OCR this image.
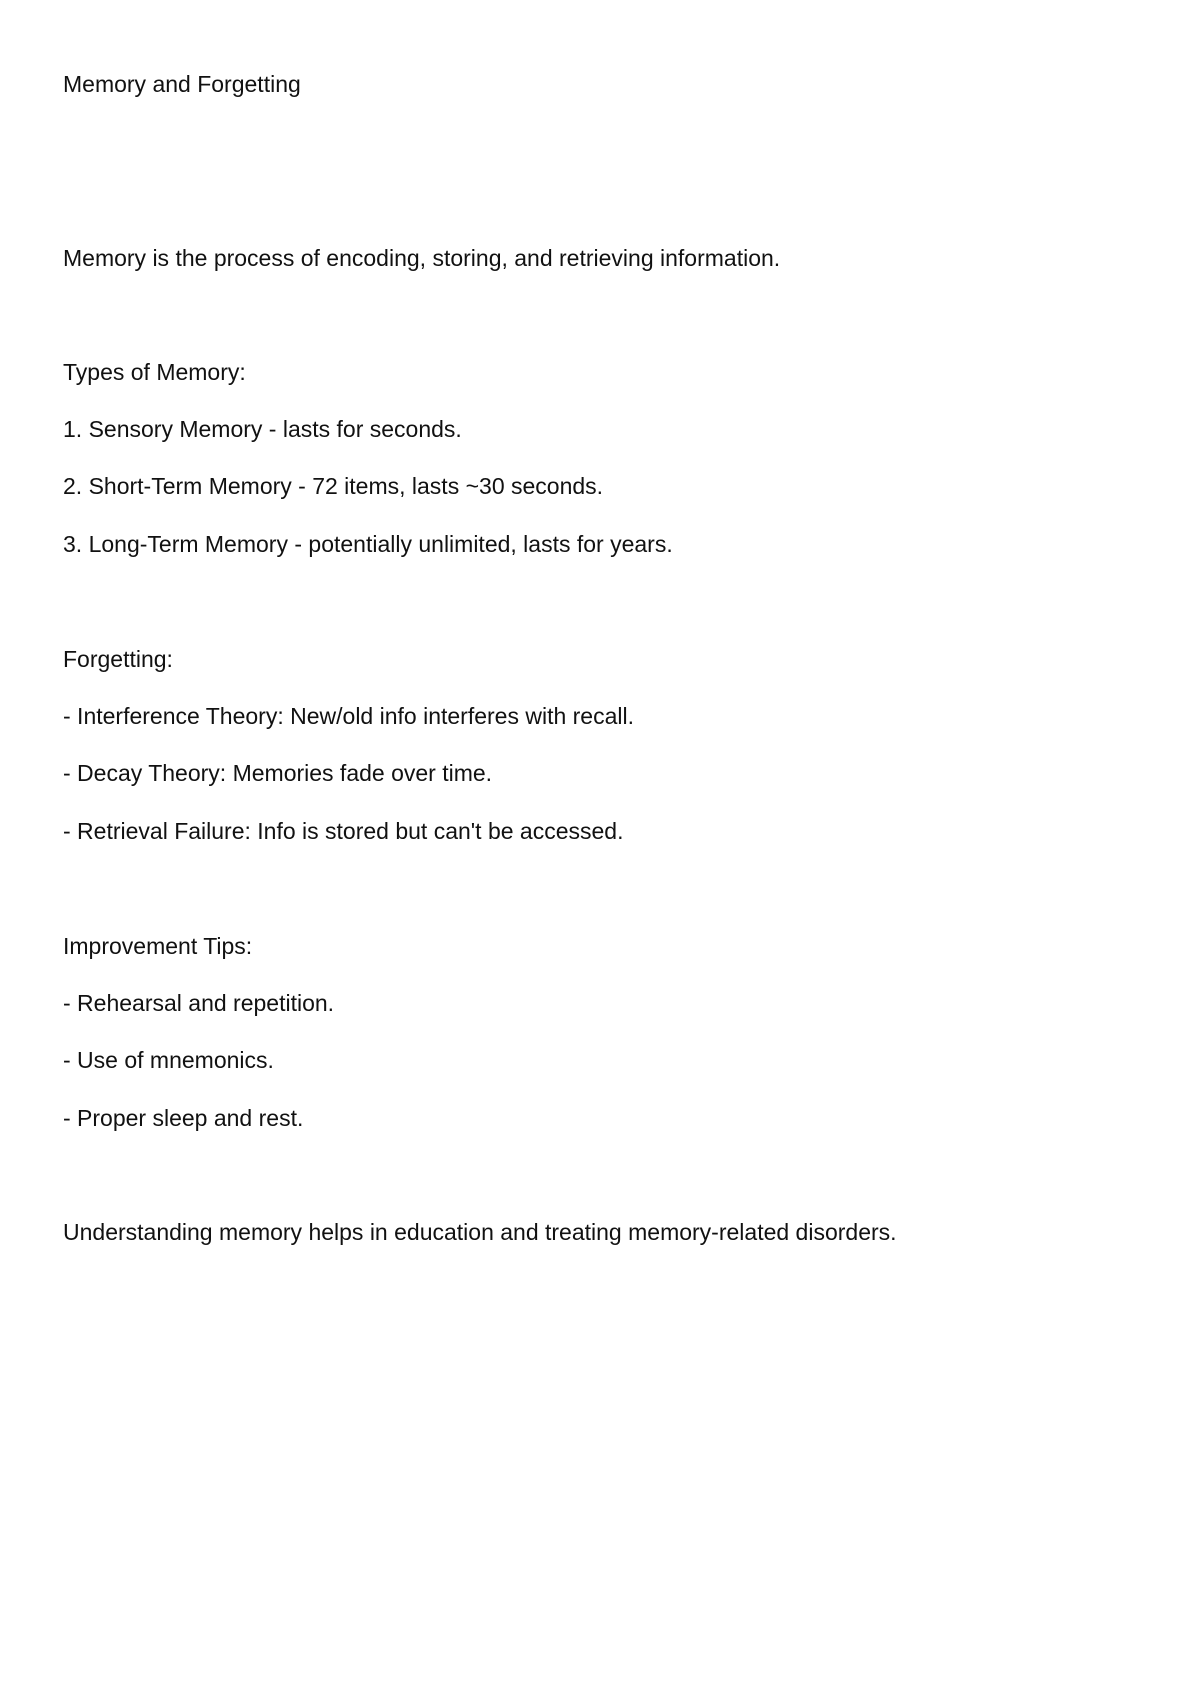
Memory and Forgetting
Memory is the process of encoding, storing, and retrieving information.
Types of Memory:
1. Sensory Memory - lasts for seconds.
2. Short-Term Memory - 72 items, lasts ~30 seconds.
3. Long-Term Memory - potentially unlimited, lasts for years.
Forgetting:
- Interference Theory: New/old info interferes with recall.
- Decay Theory: Memories fade over time.
- Retrieval Failure: Info is stored but can't be accessed.
Improvement Tips:
- Rehearsal and repetition.
- Use of mnemonics.
- Proper sleep and rest.
Understanding memory helps in education and treating memory-related disorders.
